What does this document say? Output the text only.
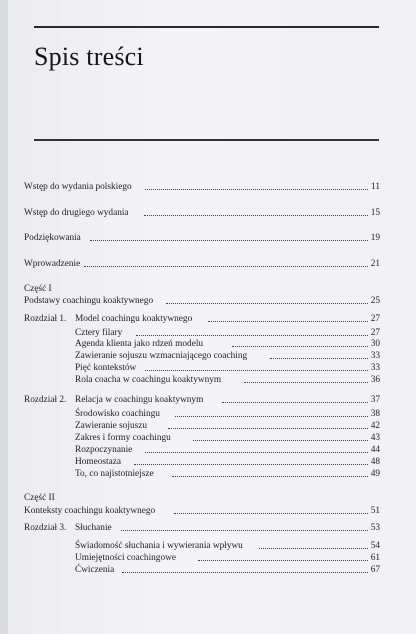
Spis treści
Wstęp do wydania polskiego	11
Wstęp do drugiego wydania	15
Podziękowania	19
Wprowadzenie	21
Część I
Podstawy coachingu koaktywnego	25
Rozdział 1. Model coachingu koaktywnego	27
Cztery filary	27
Agenda klienta jako rdzeń modelu	30
Zawieranie sojuszu wzmacniającego coaching	33
Pięć kontekstów	33
Rola coacha w coachingu koaktywnym	36
Rozdział 2. Relacja w coachingu koaktywnym	37
Środowisko coachingu	38
Zawieranie sojuszu	42
Zakres i formy coachingu	43
Rozpoczynanie	44
Homeostaza	48
To, co najistotniejsze	49
Część II
Konteksty coachingu koaktywnego	51
Rozdział 3. Słuchanie	53
Świadomość słuchania i wywierania wpływu	54
Umiejętności coachingowe	61
Ćwiczenia	67
